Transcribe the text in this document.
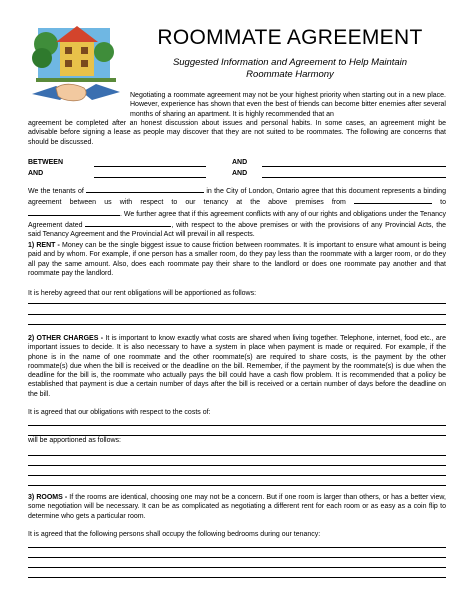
ROOMMATE AGREEMENT
Suggested Information and Agreement to Help Maintain
Roommate Harmony
Negotiating a roommate agreement may not be your highest priority when starting out in a new place. However, experience has shown that even the best of friends can become bitter enemies after several months of sharing an apartment. It is highly recommended that an
agreement be completed after an honest discussion about issues and personal habits. In some cases, an agreement might be advisable before signing a lease as people may discover that they are not suited to be roommates. The following are concerns that should be discussed.
BETWEEN	AND
AND	AND
We the tenants of	in the City of London, Ontario agree that this document represents a binding agreement between us with respect to our tenancy at the above premises from	to . We further agree that if this agreement conflicts with any of our rights and obligations under the Tenancy Agreement dated	, with respect to the above premises or with the provisions of any Provincial Acts, the said Tenancy Agreement and the Provincial Act will prevail in all respects.
1) RENT - Money can be the single biggest issue to cause friction between roommates. It is important to ensure what amount is being paid and by whom. For example, if one person has a smaller room, do they pay less than the roommate with a larger room, or do they all pay the same amount. Also, does each roommate pay their share to the landlord or does one roommate pay another and that roommate pay the landlord.
It is hereby agreed that our rent obligations will be apportioned as follows:
2) OTHER CHARGES - It is important to know exactly what costs are shared when living together. Telephone, internet, food etc., are important issues to decide. It is also necessary to have a system in place when payment is made or required. For example, if the phone is in the name of one roommate and the other roommate(s) are required to share costs, is the payment by the other roommate(s) due when the bill is received or the deadline on the bill. Remember, if the payment by the roommate(s) is due when the deadline for the bill is, the roommate who actually pays the bill could have a cash flow problem. It is recommended that a policy be established that payment is due a certain number of days after the bill is received or a certain number of days before the deadline on the bill.
It is agreed that our obligations with respect to the costs of:
will be apportioned as follows:
3) ROOMS - If the rooms are identical, choosing one may not be a concern. But if one room is larger than others, or has a better view, some negotiation will be necessary. It can be as complicated as negotiating a different rent for each room or as easy as a coin flip to determine who gets a particular room.
It is agreed that the following persons shall occupy the following bedrooms during our tenancy:
